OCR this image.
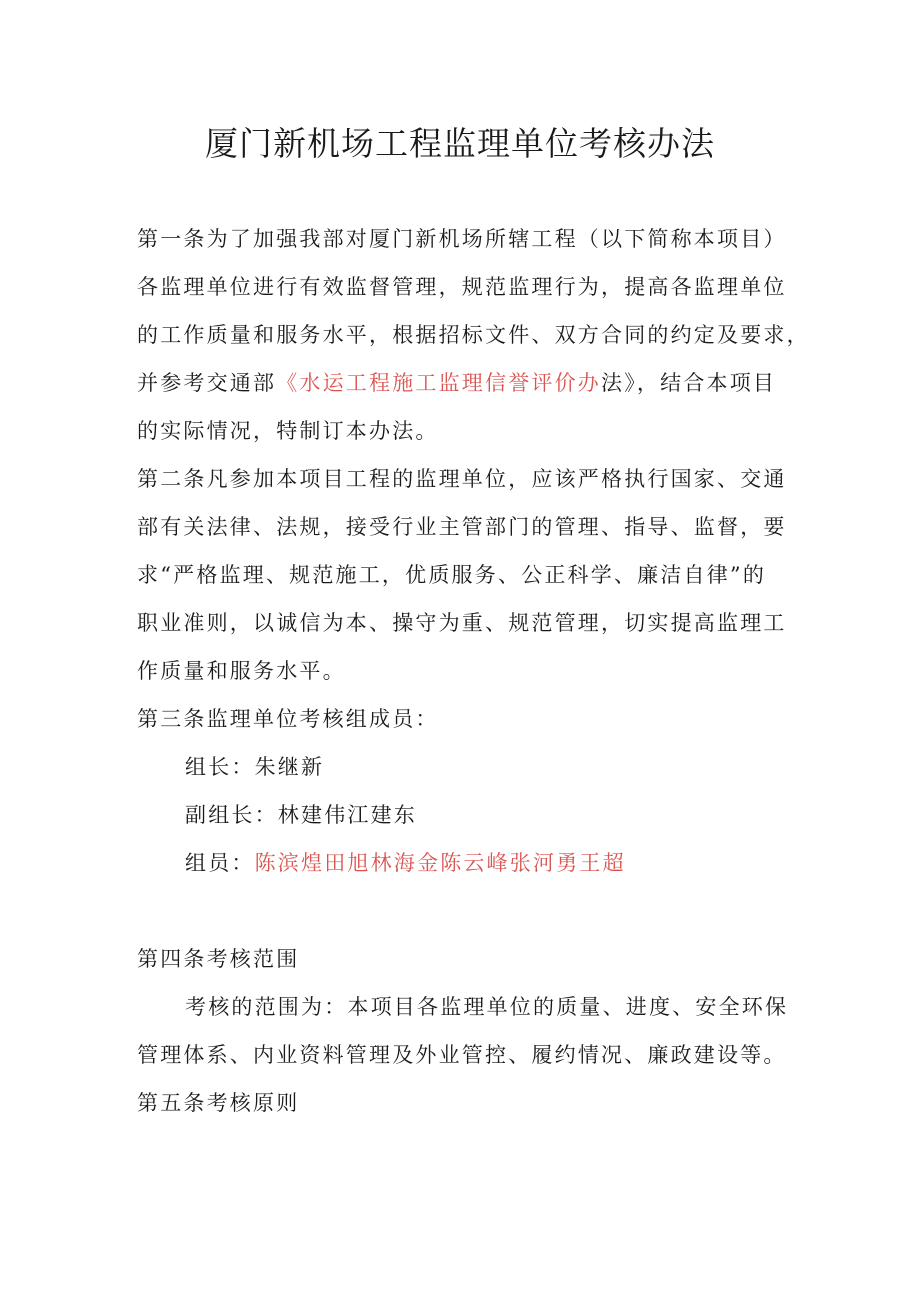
厦门新机场工程监理单位考核办法
第一条为了加强我部对厦门新机场所辖工程（以下简称本项目）
各监理单位进行有效监督管理，规范监理行为，提高各监理单位
的工作质量和服务水平，根据招标文件、双方合同的约定及要求，
并参考交通部《水运工程施工监理信誉评价办法》，结合本项目
的实际情况，特制订本办法。
第二条凡参加本项目工程的监理单位，应该严格执行国家、交通
部有关法律、法规，接受行业主管部门的管理、指导、监督，要
求“严格监理、规范施工，优质服务、公正科学、廉洁自律”的
职业准则，以诚信为本、操守为重、规范管理，切实提高监理工
作质量和服务水平。
第三条监理单位考核组成员：
组长：朱继新
副组长：林建伟江建东
组员：陈滨煌田旭林海金陈云峰张河勇王超
第四条考核范围
考核的范围为：本项目各监理单位的质量、进度、安全环保
管理体系、内业资料管理及外业管控、履约情况、廉政建设等。
第五条考核原则
